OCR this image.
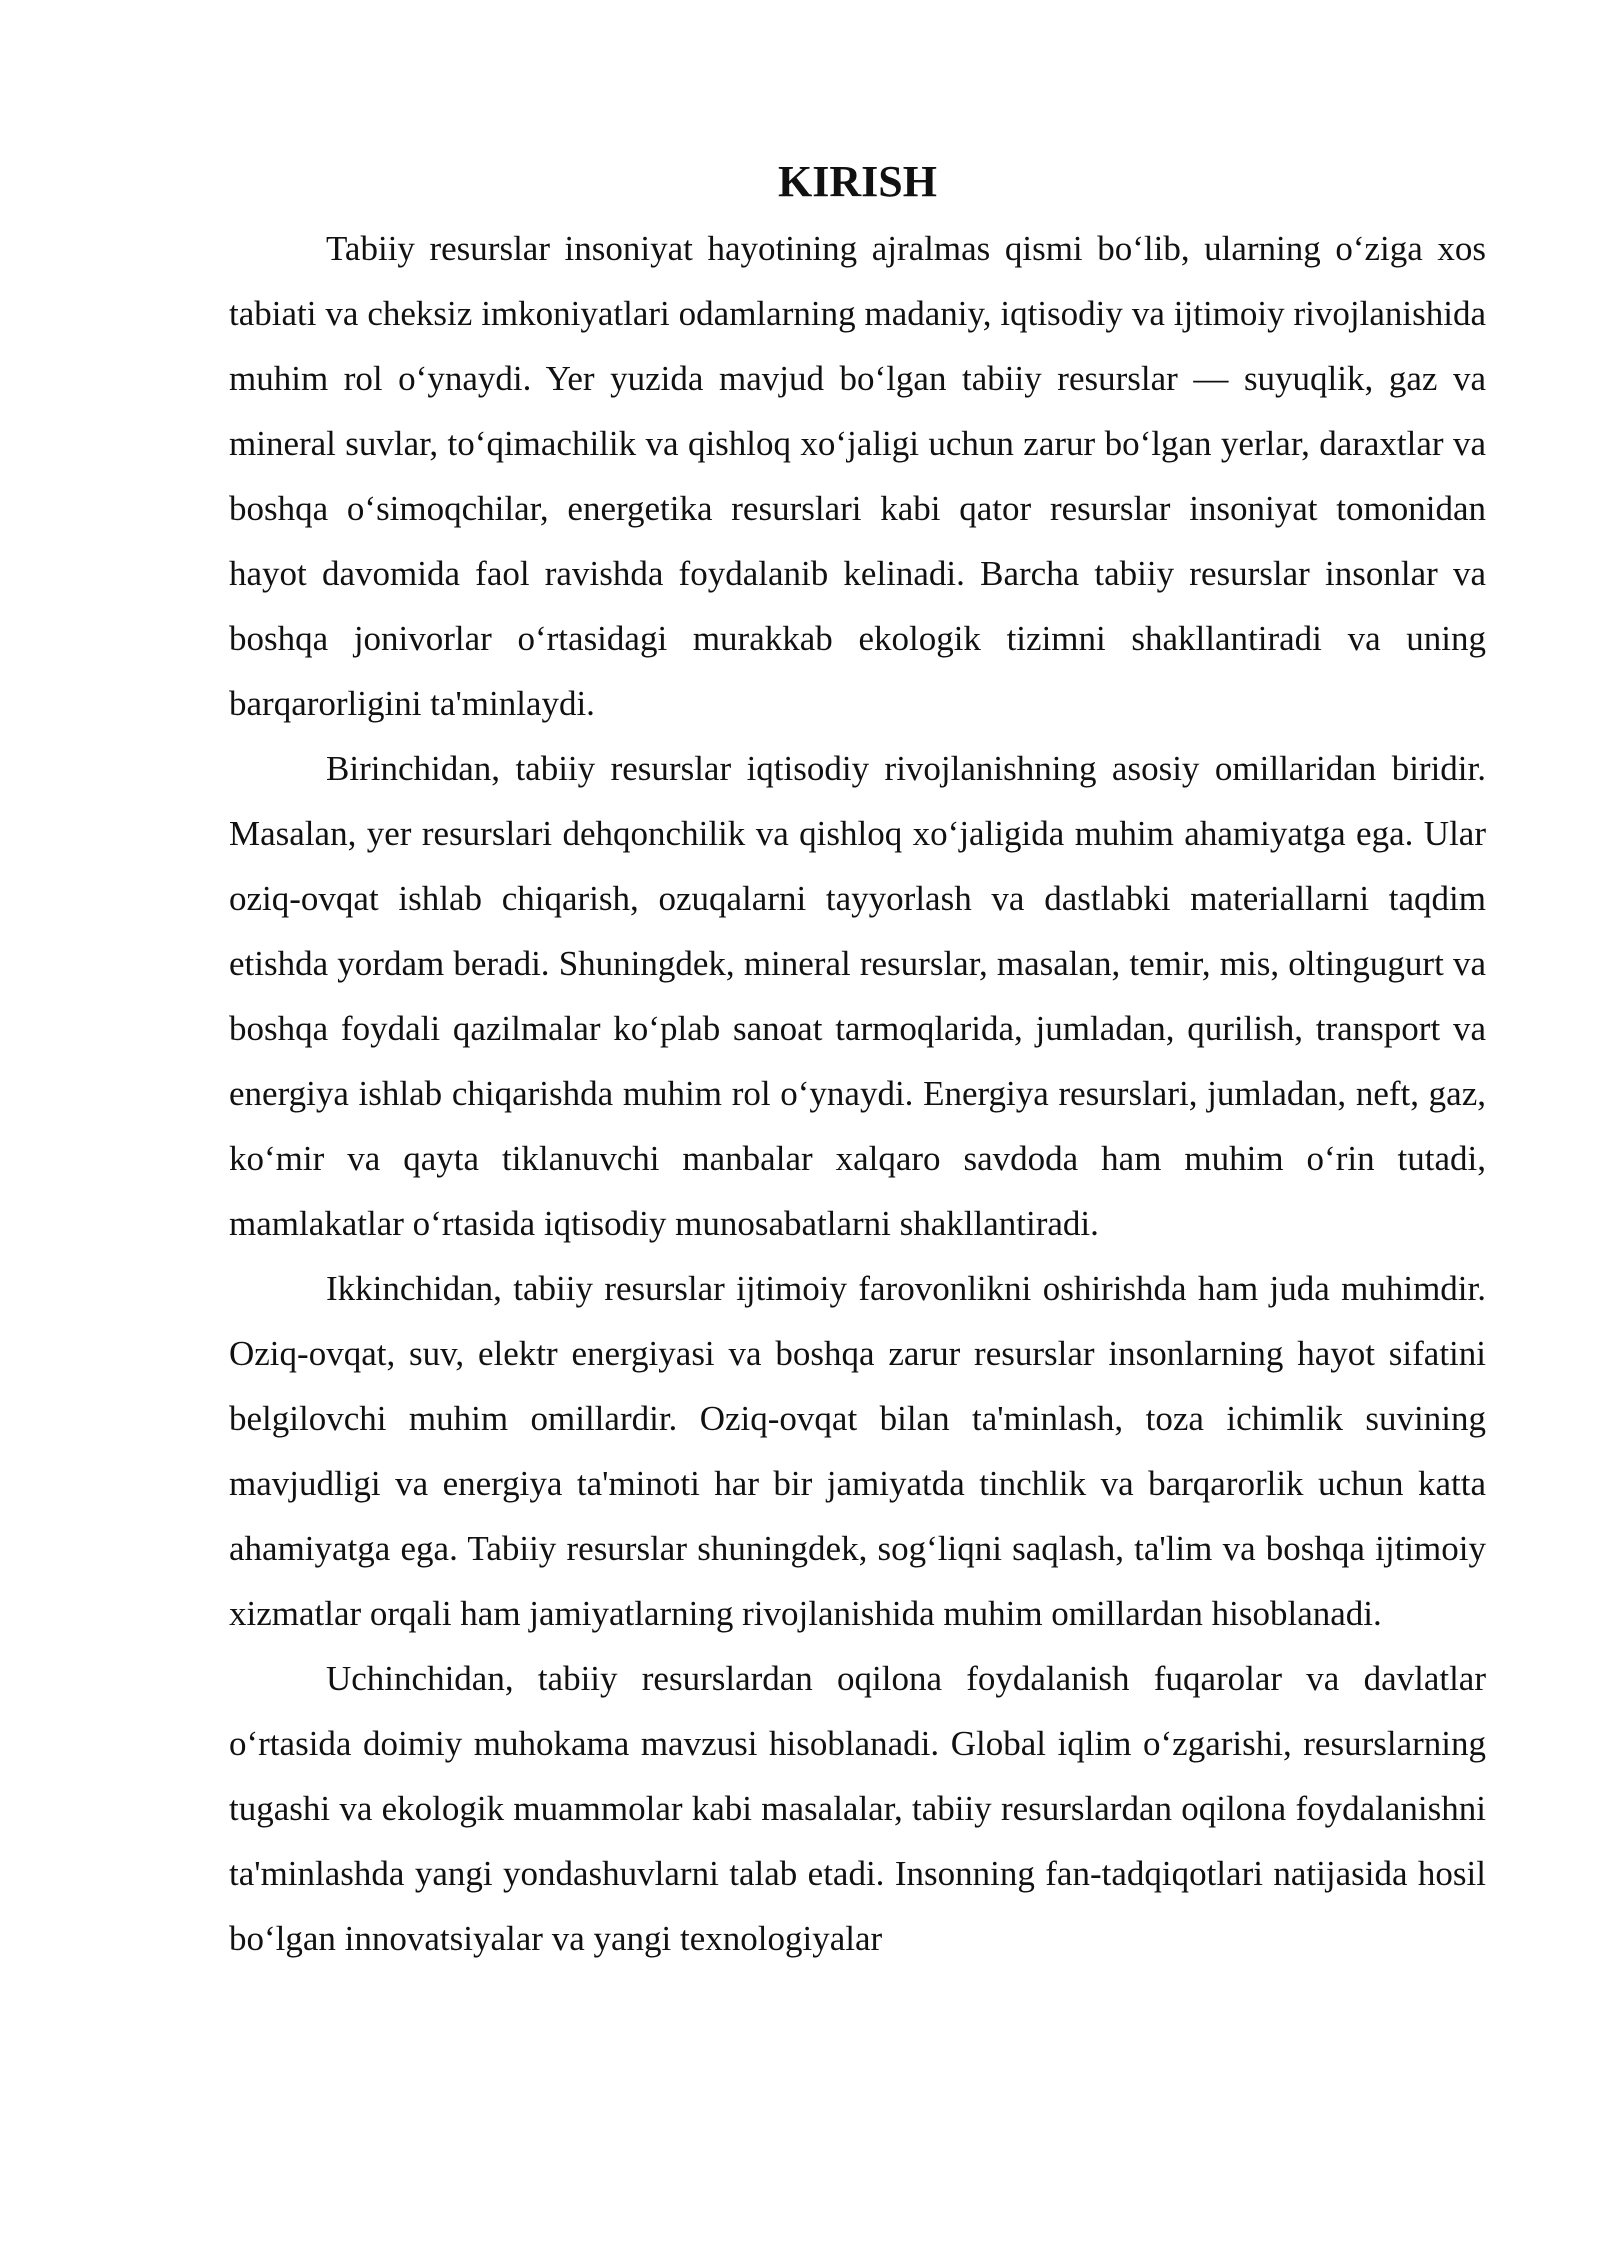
KIRISH

Tabiiy resurslar insoniyat hayotining ajralmas qismi bo‘lib, ularning o‘ziga xos tabiati va cheksiz imkoniyatlari odamlarning madaniy, iqtisodiy va ijtimoiy rivojlanishida muhim rol o‘ynaydi. Yer yuzida mavjud bo‘lgan tabiiy resurslar — suyuqlik, gaz va mineral suvlar, to‘qimachilik va qishloq xo‘jaligi uchun zarur bo‘lgan yerlar, daraxtlar va boshqa o‘simoqchilar, energetika resurslari kabi qator resurslar insoniyat tomonidan hayot davomida faol ravishda foydalanib kelinadi. Barcha tabiiy resurslar insonlar va boshqa jonivorlar o‘rtasidagi murakkab ekologik tizimni shakllantiradi va uning barqarorligini ta'minlaydi.

Birinchidan, tabiiy resurslar iqtisodiy rivojlanishning asosiy omillaridan biridir. Masalan, yer resurslari dehqonchilik va qishloq xo‘jaligida muhim ahamiyatga ega. Ular oziq-ovqat ishlab chiqarish, ozuqalarni tayyorlash va dastlabki materiallarni taqdim etishda yordam beradi. Shuningdek, mineral resurslar, masalan, temir, mis, oltingugurt va boshqa foydali qazilmalar ko‘plab sanoat tarmoqlarida, jumladan, qurilish, transport va energiya ishlab chiqarishda muhim rol o‘ynaydi. Energiya resurslari, jumladan, neft, gaz, ko‘mir va qayta tiklanuvchi manbalar xalqaro savdoda ham muhim o‘rin tutadi, mamlakatlar o‘rtasida iqtisodiy munosabatlarni shakllantiradi.

Ikkinchidan, tabiiy resurslar ijtimoiy farovonlikni oshirishda ham juda muhimdir. Oziq-ovqat, suv, elektr energiyasi va boshqa zarur resurslar insonlarning hayot sifatini belgilovchi muhim omillardir. Oziq-ovqat bilan ta'minlash, toza ichimlik suvining mavjudligi va energiya ta'minoti har bir jamiyatda tinchlik va barqarorlik uchun katta ahamiyatga ega. Tabiiy resurslar shuningdek, sog‘liqni saqlash, ta'lim va boshqa ijtimoiy xizmatlar orqali ham jamiyatlarning rivojlanishida muhim omillardan hisoblanadi.

Uchinchidan, tabiiy resurslardan oqilona foydalanish fuqarolar va davlatlar o‘rtasida doimiy muhokama mavzusi hisoblanadi. Global iqlim o‘zgarishi, resurslarning tugashi va ekologik muammolar kabi masalalar, tabiiy resurslardan oqilona foydalanishni ta'minlashda yangi yondashuvlarni talab etadi. Insonning fan-tadqiqotlari natijasida hosil bo‘lgan innovatsiyalar va yangi texnologiyalar
